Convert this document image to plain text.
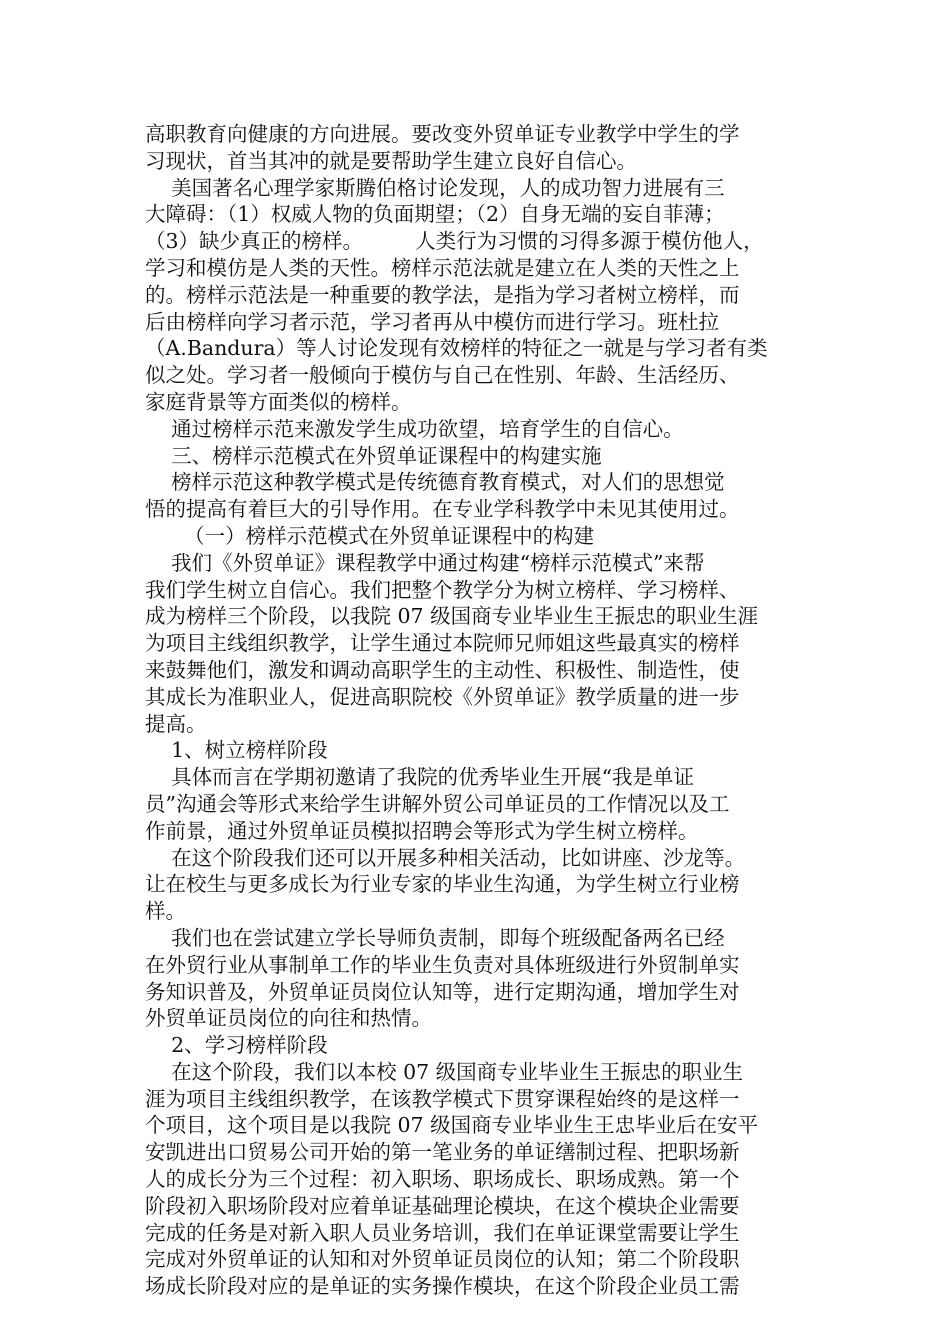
高职教育向健康的方向进展。要改变外贸单证专业教学中学生的学
习现状，首当其冲的就是要帮助学生建立良好自信心。
美国著名心理学家斯腾伯格讨论发现，人的成功智力进展有三
大障碍：（1）权威人物的负面期望；（2）自身无端的妄自菲薄；
（3）缺少真正的榜样。        人类行为习惯的习得多源于模仿他人，
学习和模仿是人类的天性。榜样示范法就是建立在人类的天性之上
的。榜样示范法是一种重要的教学法，是指为学习者树立榜样，而
后由榜样向学习者示范，学习者再从中模仿而进行学习。班杜拉
（A.Bandura）等人讨论发现有效榜样的特征之一就是与学习者有类
似之处。学习者一般倾向于模仿与自己在性别、年龄、生活经历、
家庭背景等方面类似的榜样。
通过榜样示范来激发学生成功欲望，培育学生的自信心。
三、榜样示范模式在外贸单证课程中的构建实施
榜样示范这种教学模式是传统德育教育模式，对人们的思想觉
悟的提高有着巨大的引导作用。在专业学科教学中未见其使用过。
（一）榜样示范模式在外贸单证课程中的构建
我们《外贸单证》课程教学中通过构建“榜样示范模式”来帮
我们学生树立自信心。我们把整个教学分为树立榜样、学习榜样、
成为榜样三个阶段，以我院 07 级国商专业毕业生王振忠的职业生涯
为项目主线组织教学，让学生通过本院师兄师姐这些最真实的榜样
来鼓舞他们，激发和调动高职学生的主动性、积极性、制造性，使
其成长为准职业人，促进高职院校《外贸单证》教学质量的进一步
提高。
1、树立榜样阶段
具体而言在学期初邀请了我院的优秀毕业生开展“我是单证
员”沟通会等形式来给学生讲解外贸公司单证员的工作情况以及工
作前景，通过外贸单证员模拟招聘会等形式为学生树立榜样。
在这个阶段我们还可以开展多种相关活动，比如讲座、沙龙等。
让在校生与更多成长为行业专家的毕业生沟通，为学生树立行业榜
样。
我们也在尝试建立学长导师负责制，即每个班级配备两名已经
在外贸行业从事制单工作的毕业生负责对具体班级进行外贸制单实
务知识普及，外贸单证员岗位认知等，进行定期沟通，增加学生对
外贸单证员岗位的向往和热情。
2、学习榜样阶段
在这个阶段，我们以本校 07 级国商专业毕业生王振忠的职业生
涯为项目主线组织教学，在该教学模式下贯穿课程始终的是这样一
个项目，这个项目是以我院 07 级国商专业毕业生王忠毕业后在安平
安凯进出口贸易公司开始的第一笔业务的单证缮制过程、把职场新
人的成长分为三个过程：初入职场、职场成长、职场成熟。第一个
阶段初入职场阶段对应着单证基础理论模块，在这个模块企业需要
完成的任务是对新入职人员业务培训，我们在单证课堂需要让学生
完成对外贸单证的认知和对外贸单证员岗位的认知；第二个阶段职
场成长阶段对应的是单证的实务操作模块，在这个阶段企业员工需
